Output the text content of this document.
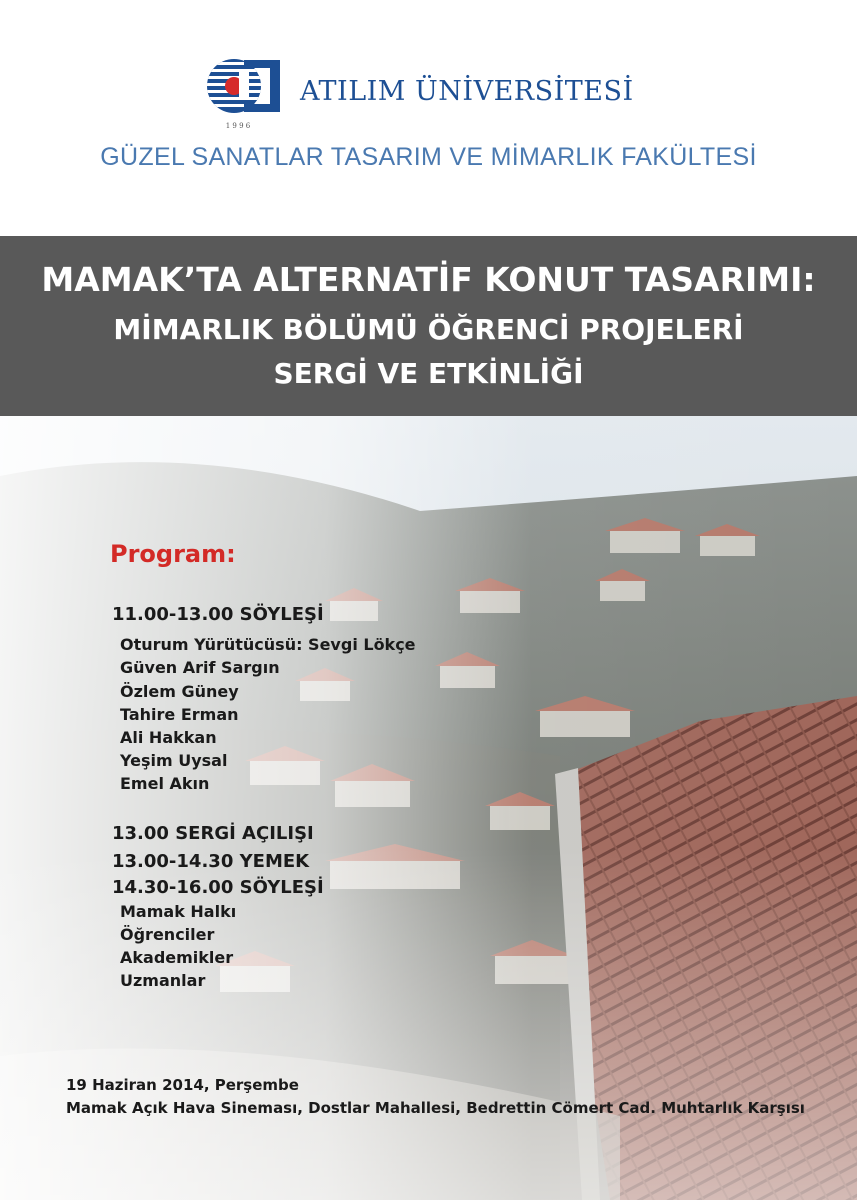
1 9 9 6
ATILIM ÜNİVERSİTESİ
GÜZEL SANATLAR TASARIM VE MİMARLIK FAKÜLTESİ
MAMAK’TA ALTERNATİF KONUT TASARIMI:
MİMARLIK BÖLÜMÜ ÖĞRENCİ PROJELERİ
SERGİ VE ETKİNLİĞİ
Program:
11.00-13.00 SÖYLEŞİ
Oturum Yürütücüsü: Sevgi Lökçe
Güven Arif Sargın
Özlem Güney
Tahire Erman
Ali Hakkan
Yeşim Uysal
Emel Akın
13.00 SERGİ AÇILIŞI
13.00-14.30 YEMEK
14.30-16.00 SÖYLEŞİ
Mamak Halkı
Öğrenciler
Akademikler
Uzmanlar
19 Haziran 2014, Perşembe
Mamak Açık Hava Sineması, Dostlar Mahallesi, Bedrettin Cömert Cad. Muhtarlık Karşısı
